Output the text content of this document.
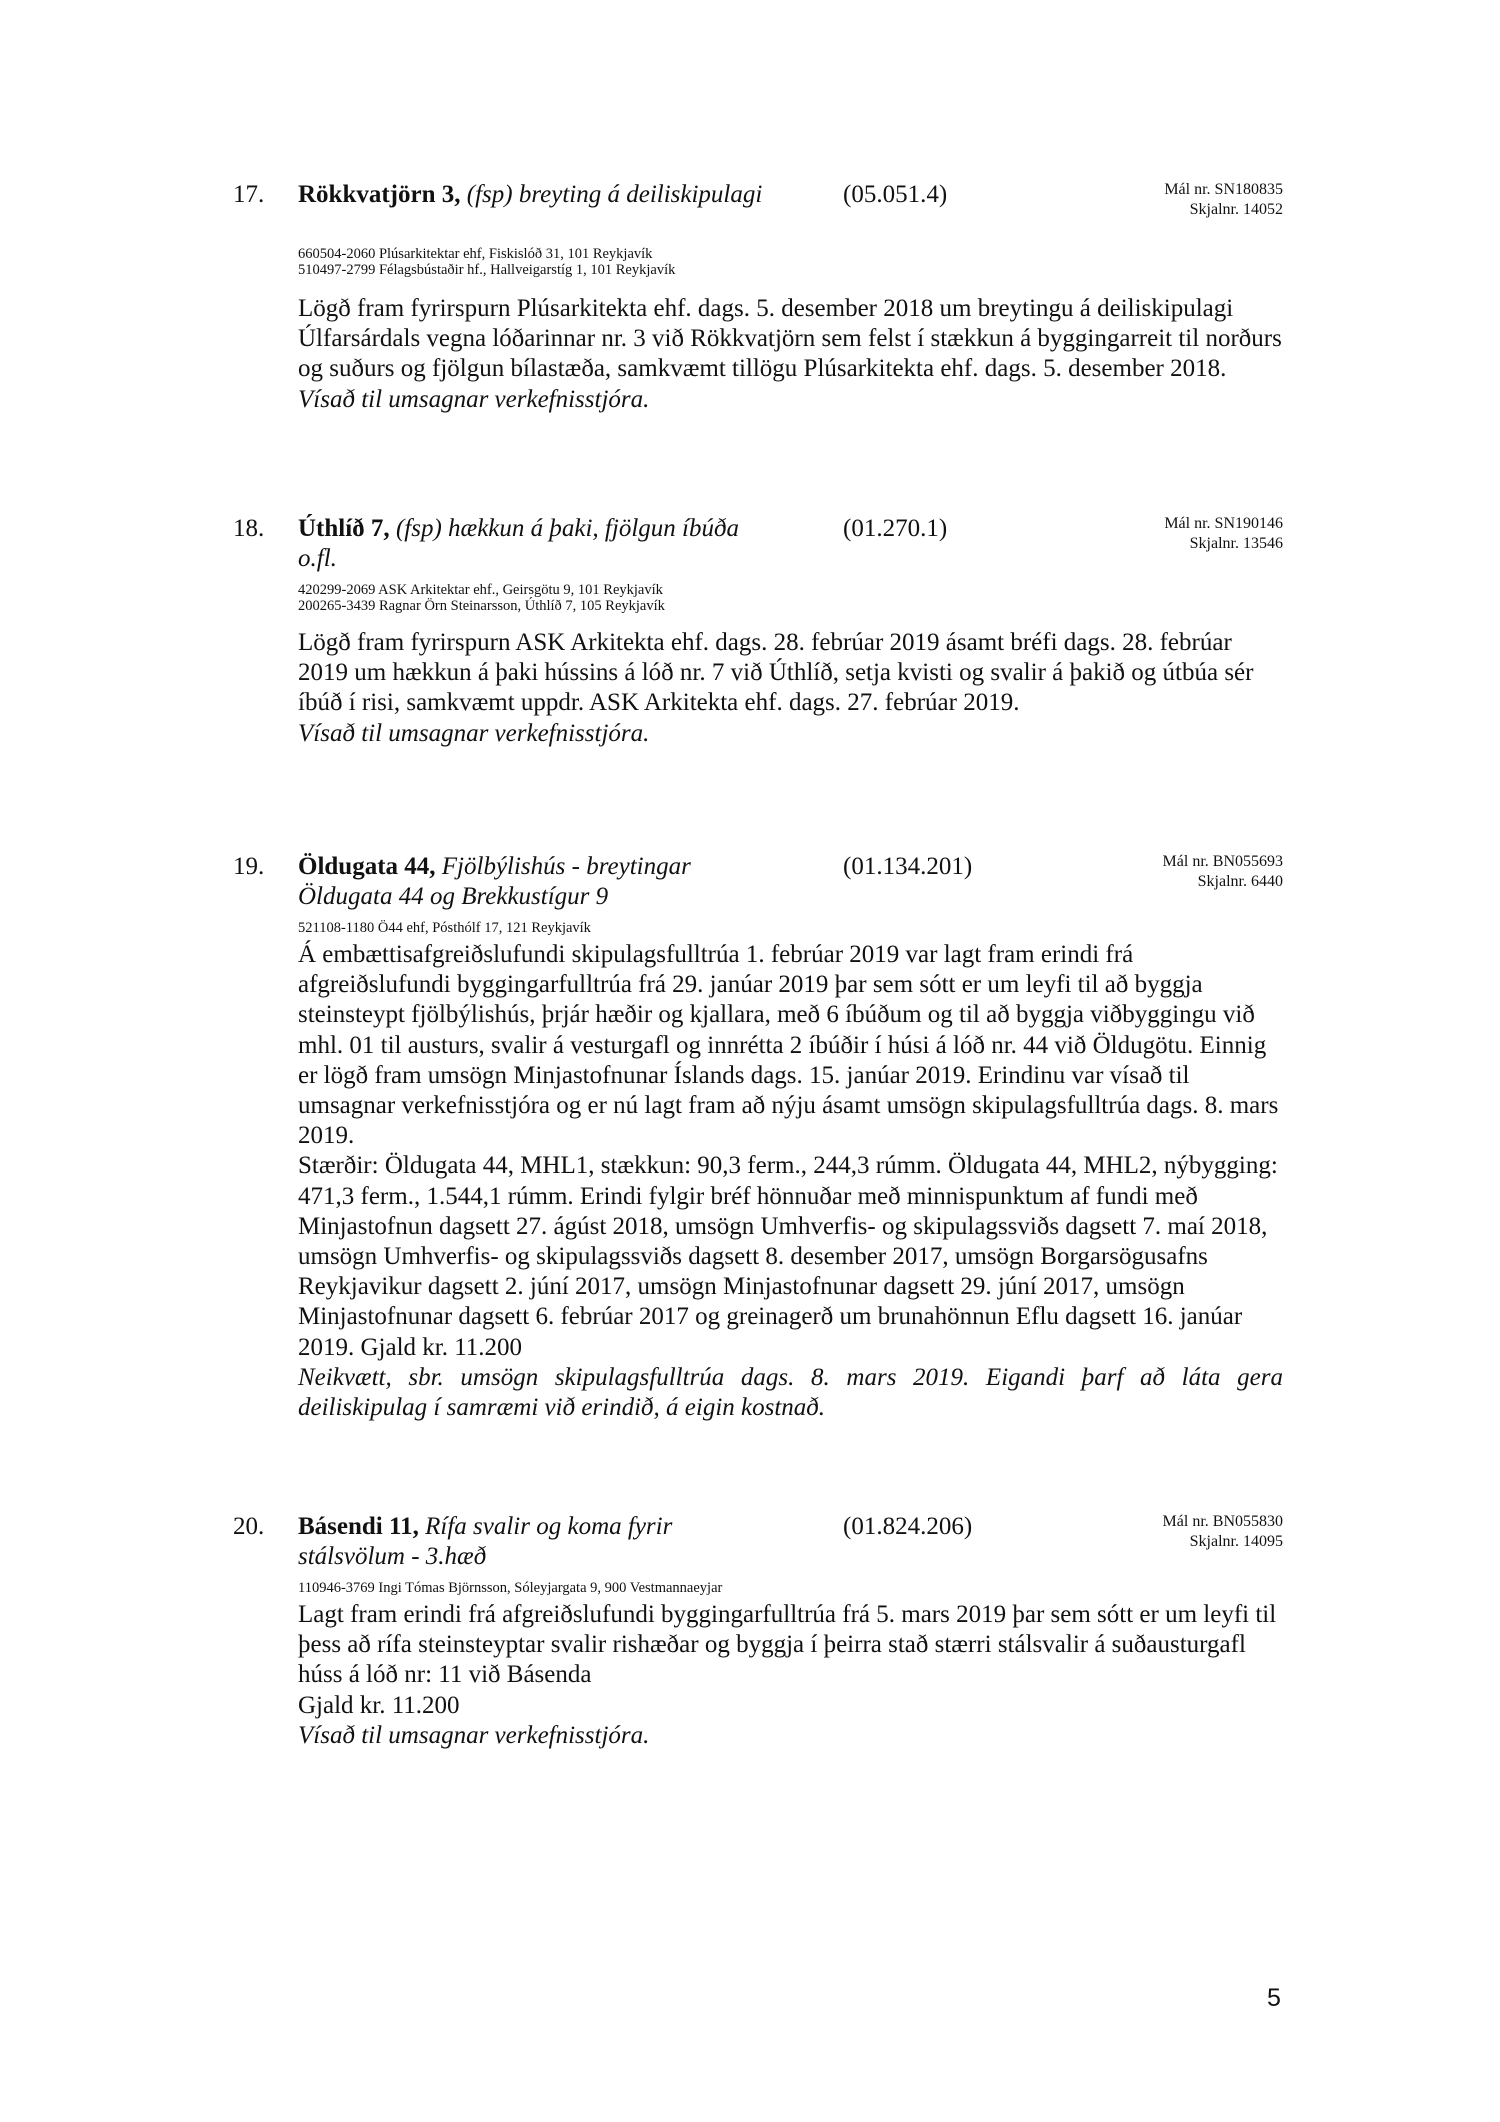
17. Rökkvatjörn 3, (fsp) breyting á deiliskipulagi	(05.051.4)	Mál nr. SN180835
Skjalnr. 14052
660504-2060 Plúsarkitektar ehf, Fiskislóð 31, 101 Reykjavík
510497-2799 Félagsbústaðir hf., Hallveigarstíg 1, 101 Reykjavík

Lögð fram fyrirspurn Plúsarkitekta ehf. dags. 5. desember 2018 um breytingu á deiliskipulagi Úlfarsárdals vegna lóðarinnar nr. 3 við Rökkvatjörn sem felst í stækkun á byggingarreit til norðurs og suðurs og fjölgun bílastæða, samkvæmt tillögu Plúsarkitekta ehf. dags. 5. desember 2018.

Vísað til umsagnar verkefnisstjóra.

18. Úthlíð 7, (fsp) hækkun á þaki, fjölgun íbúða o.fl.
(01.270.1)	Mál nr. SN190146
Skjalnr. 13546
420299-2069 ASK Arkitektar ehf., Geirsgötu 9, 101 Reykjavík
200265-3439 Ragnar Örn Steinarsson, Úthlíð 7, 105 Reykjavík

Lögð fram fyrirspurn ASK Arkitekta ehf. dags. 28. febrúar 2019 ásamt bréfi dags. 28. febrúar 2019 um hækkun á þaki hússins á lóð nr. 7 við Úthlíð, setja kvisti og svalir á þakið og útbúa sér íbúð í risi, samkvæmt uppdr. ASK Arkitekta ehf. dags. 27. febrúar 2019.

Vísað til umsagnar verkefnisstjóra.

19. Öldugata 44, Fjölbýlishús - breytingar Öldugata 44 og Brekkustígur 9
(01.134.201)	Mál nr. BN055693
Skjalnr. 6440
521108-1180 Ö44 ehf, Pósthólf 17, 121 Reykjavík

Á embættisafgreiðslufundi skipulagsfulltrúa 1. febrúar 2019 var lagt fram erindi frá afgreiðslufundi byggingarfulltrúa frá 29. janúar 2019 þar sem sótt er um leyfi til að byggja steinsteypt fjölbýlishús, þrjár hæðir og kjallara, með 6 íbúðum og til að byggja viðbyggingu við mhl. 01 til austurs, svalir á vesturgafl og innrétta 2 íbúðir í húsi á lóð nr. 44 við Öldugötu. Einnig er lögð fram umsögn Minjastofnunar Íslands dags. 15. janúar 2019. Erindinu var vísað til umsagnar verkefnisstjóra og er nú lagt fram að nýju ásamt umsögn skipulagsfulltrúa dags. 8. mars 2019.

Stærðir: Öldugata 44, MHL1, stækkun: 90,3 ferm., 244,3 rúmm. Öldugata 44, MHL2, nýbygging: 471,3 ferm., 1.544,1 rúmm. Erindi fylgir bréf hönnuðar með minnispunktum af fundi með Minjastofnun dagsett 27. ágúst 2018, umsögn Umhverfis- og skipulagssviðs dagsett 7. maí 2018, umsögn Umhverfis- og skipulagssviðs dagsett 8. desember 2017, umsögn Borgarsögusafns Reykjavikur dagsett 2. júní 2017, umsögn Minjastofnunar dagsett 29. júní 2017, umsögn Minjastofnunar dagsett 6. febrúar 2017 og greinagerð um brunahönnun Eflu dagsett 16. janúar 2019. Gjald kr. 11.200

Neikvætt, sbr. umsögn skipulagsfulltrúa dags. 8. mars 2019. Eigandi þarf að láta gera deiliskipulag í samræmi við erindið, á eigin kostnað.

20. Básendi 11, Rífa svalir og koma fyrir stálsvölum - 3.hæð
(01.824.206)	Mál nr. BN055830
Skjalnr. 14095
110946-3769 Ingi Tómas Björnsson, Sóleyjargata 9, 900 Vestmannaeyjar

Lagt fram erindi frá afgreiðslufundi byggingarfulltrúa frá 5. mars 2019 þar sem sótt er um leyfi til þess að rífa steinsteyptar svalir rishæðar og byggja í þeirra stað stærri stálsvalir á suðausturgafl húss á lóð nr: 11 við Básenda

Gjald kr. 11.200

Vísað til umsagnar verkefnisstjóra.

5
